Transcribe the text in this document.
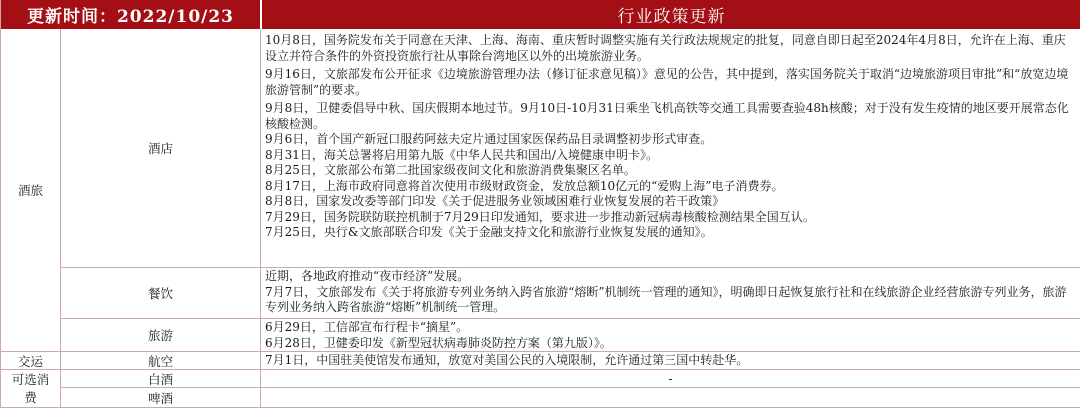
更新时间：2022/10/23	行业政策更新
酒旅
交运
可选消费
酒店
餐饮
旅游
航空
白酒
啤酒

10月8日，国务院发布关于同意在天津、上海、海南、重庆暂时调整实施有关行政法规规定的批复，同意自即日起至2024年4月8日，允许在上海、重庆设立并符合条件的外资投资旅行社从事除台湾地区以外的出境旅游业务。

9月16日，文旅部发布公开征求《边境旅游管理办法（修订征求意见稿）》意见的公告，其中提到，落实国务院关于取消“边境旅游项目审批”和“放宽边境旅游管制”的要求。

9月8日，卫健委倡导中秋、国庆假期本地过节。9月10日-10月31日乘坐飞机高铁等交通工具需要查验48h核酸；对于没有发生疫情的地区要开展常态化核酸检测。

9月6日，首个国产新冠口服药阿兹夫定片通过国家医保药品目录调整初步形式审查。

8月31日，海关总署将启用第九版《中华人民共和国出/入境健康申明卡》。

8月25日，文旅部公布第二批国家级夜间文化和旅游消费集聚区名单。

8月17日，上海市政府同意将首次使用市级财政资金，发放总额10亿元的“爱购上海”电子消费券。

8月8日，国家发改委等部门印发《关于促进服务业领域困难行业恢复发展的若干政策》

7月29日，国务院联防联控机制于7月29日印发通知，要求进一步推动新冠病毒核酸检测结果全国互认。

7月25日，央行&文旅部联合印发《关于金融支持文化和旅游行业恢复发展的通知》。

近期，各地政府推动“夜市经济”发展。

7月7日，文旅部发布《关于将旅游专列业务纳入跨省旅游“熔断”机制统一管理的通知》，明确即日起恢复旅行社和在线旅游企业经营旅游专列业务，旅游专列业务纳入跨省旅游“熔断”机制统一管理。

6月29日，工信部宣布行程卡“摘星”。

6月28日，卫健委印发《新型冠状病毒肺炎防控方案（第九版）》。

7月1日，中国驻美使馆发布通知，放宽对美国公民的入境限制，允许通过第三国中转赴华。

-
